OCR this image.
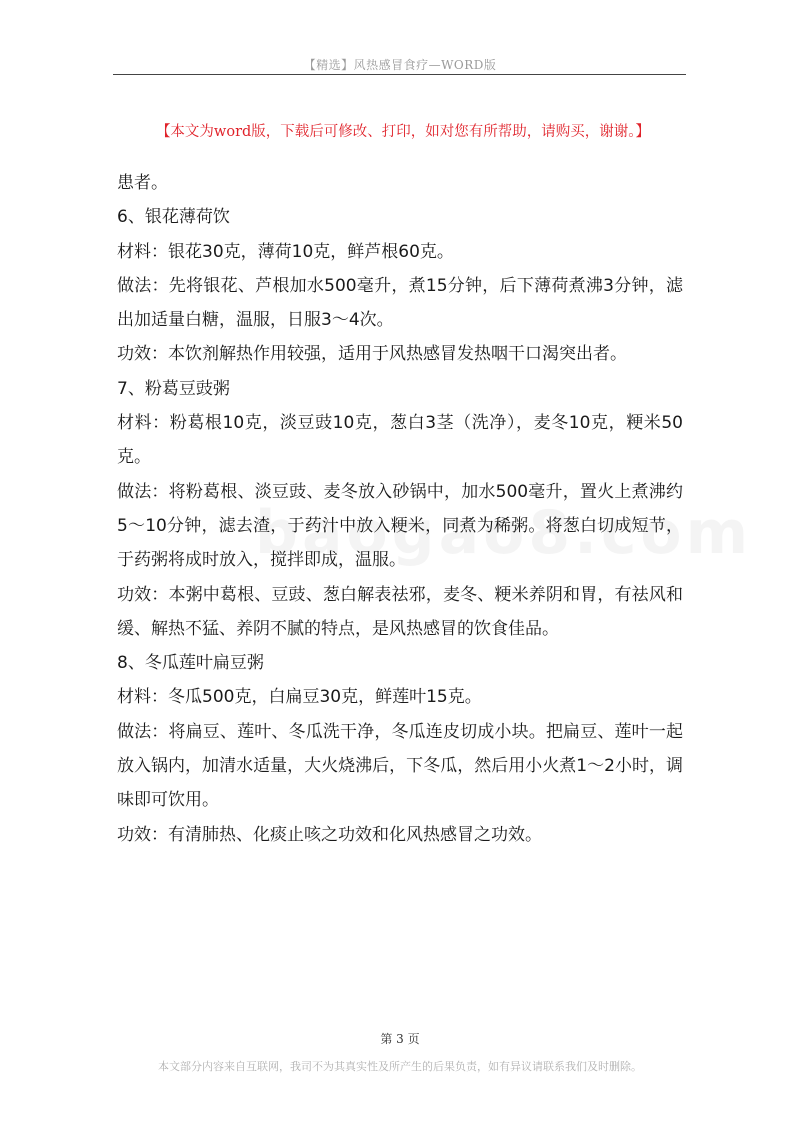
【精选】风热感冒食疗—WORD版
【本文为word版，下载后可修改、打印，如对您有所帮助，请购买，谢谢。】

患者。

6、银花薄荷饮

材料：银花30克，薄荷10克，鲜芦根60克。

做法：先将银花、芦根加水500毫升，煮15分钟，后下薄荷煮沸3分钟，滤出加适量白糖，温服，日服3～4次。

功效：本饮剂解热作用较强，适用于风热感冒发热咽干口渴突出者。

7、粉葛豆豉粥

材料：粉葛根10克，淡豆豉10克，葱白3茎（洗净），麦冬10克，粳米50克。

做法：将粉葛根、淡豆豉、麦冬放入砂锅中，加水500毫升，置火上煮沸约5～10分钟，滤去渣，于药汁中放入粳米，同煮为稀粥。将葱白切成短节，于药粥将成时放入，搅拌即成，温服。

功效：本粥中葛根、豆豉、葱白解表祛邪，麦冬、粳米养阴和胃，有祛风和缓、解热不猛、养阴不腻的特点，是风热感冒的饮食佳品。

8、冬瓜莲叶扁豆粥

材料：冬瓜500克，白扁豆30克，鲜莲叶15克。

做法：将扁豆、莲叶、冬瓜洗干净，冬瓜连皮切成小块。把扁豆、莲叶一起放入锅内，加清水适量，大火烧沸后，下冬瓜，然后用小火煮1～2小时，调味即可饮用。

功效：有清肺热、化痰止咳之功效和化风热感冒之功效。

第 3 页
本文部分内容来自互联网，我司不为其真实性及所产生的后果负责，如有异议请联系我们及时删除。
